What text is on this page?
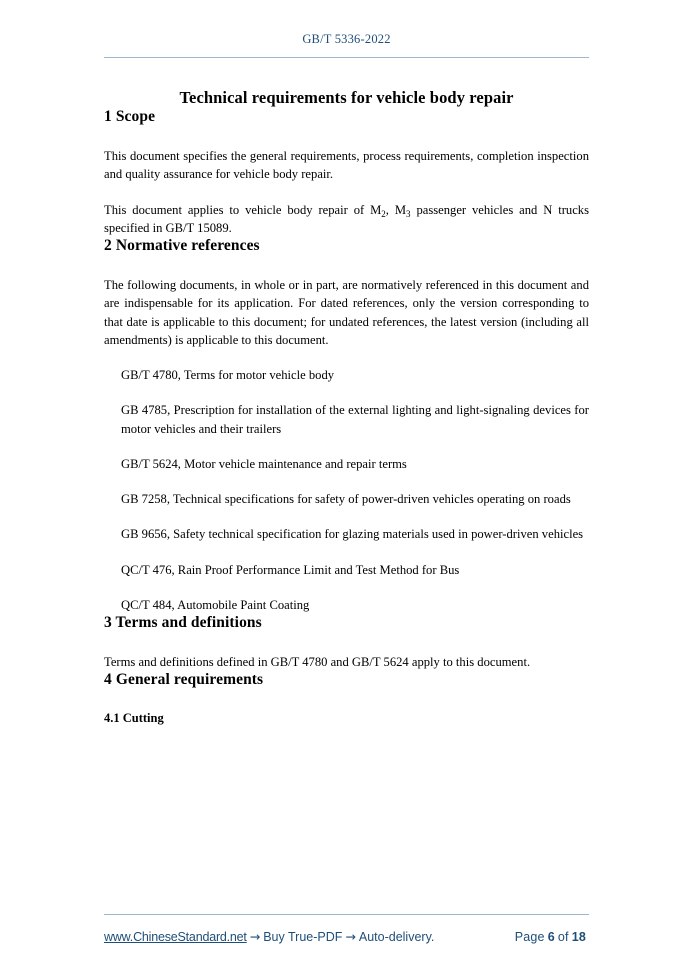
GB/T 5336-2022
Technical requirements for vehicle body repair
1 Scope

This document specifies the general requirements, process requirements, completion inspection and quality assurance for vehicle body repair.

This document applies to vehicle body repair of $M_2$, $M_3$ passenger vehicles and N trucks specified in GB/T 15089.

2 Normative references

The following documents, in whole or in part, are normatively referenced in this document and are indispensable for its application. For dated references, only the version corresponding to that date is applicable to this document; for undated references, the latest version (including all amendments) is applicable to this document.

GB/T 4780, Terms for motor vehicle body

GB 4785, Prescription for installation of the external lighting and light-signaling devices for motor vehicles and their trailers

GB/T 5624, Motor vehicle maintenance and repair terms

GB 7258, Technical specifications for safety of power-driven vehicles operating on roads

GB 9656, Safety technical specification for glazing materials used in power-driven vehicles

QC/T 476, Rain Proof Performance Limit and Test Method for Bus

QC/T 484, Automobile Paint Coating

3 Terms and definitions

Terms and definitions defined in GB/T 4780 and GB/T 5624 apply to this document.

4 General requirements
4.1 Cutting
www.ChineseStandard.net → Buy True-PDF → Auto-delivery.	Page 6 of 18
